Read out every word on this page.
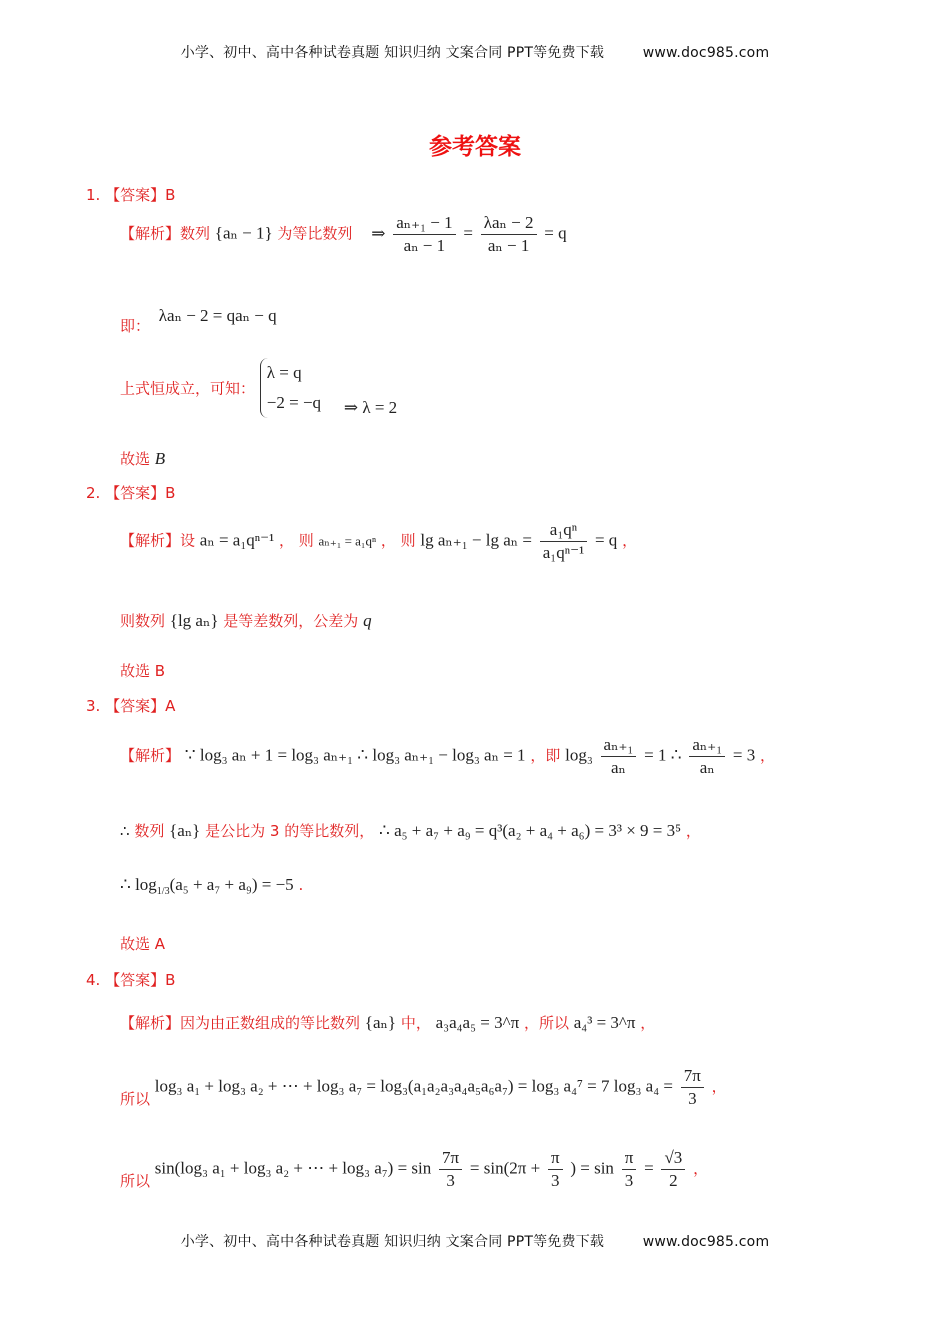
小学、初中、高中各种试卷真题 知识归纳 文案合同 PPT等免费下载	www.doc985.com
参考答案
1. 【答案】B
【解析】数列 {aₙ − 1} 为等比数列 ⇒ $\frac{\text{aₙ₊₁ − 1}}{\text{aₙ − 1}} = \frac{\text{λaₙ − 2}}{\text{aₙ − 1}} = q$
即： λaₙ − 2 = qaₙ − q
上式恒成立，可知：
λ = q
−2 = −q ⇒ λ = 2
故选 B
2. 【答案】B
【解析】设 aₙ = a₁qⁿ⁻¹ ， 则 aₙ₊₁ = a₁qⁿ ， 则 $\lg a_{n+1} - \lg a_n = \frac{\text{a₁qⁿ}}{\text{a₁qⁿ⁻¹}} = q$ ，
则数列 {lg aₙ} 是等差数列，公差为 q
故选 B
3. 【答案】A
【解析】 ∵ log₃ aₙ + 1 = log₃ aₙ₊₁ ∴ log₃ aₙ₊₁ − log₃ aₙ = 1 ，即 $\log_3 \frac{\text{aₙ₊₁}}{\text{aₙ}} = 1$ ∴ $\frac{\text{aₙ₊₁}}{\text{aₙ}} = 3$ ，
∴ 数列 {aₙ} 是公比为 3 的等比数列， ∴ a₅ + a₇ + a₉ = q³(a₂ + a₄ + a₆) = 3³ × 9 = 3⁵ ，
∴ $\log_{1/3}(a_5 + a_7 + a_9) = -5$ .
故选 A
4. 【答案】B
【解析】因为由正数组成的等比数列 {aₙ} 中， a₃a₄a₅ = 3^π ，所以 a₄³ = 3^π ，
所以 log₃ a₁ + log₃ a₂ + ⋯ + log₃ a₇ = log₃(a₁a₂a₃a₄a₅a₆a₇) = log₃ a₄⁷ = 7 log₃ $a_4 = \frac{7\pi}{3}$ ，
所以 sin(log₃ a₁ + log₃ a₂ + ⋯ + log₃ $a_7) = \sin \frac{7\pi}{3} = \sin(2\pi + \frac{\pi}{3}$ ) = $\sin \frac{\pi}{3} = \frac{√3}{2}$ ，
小学、初中、高中各种试卷真题 知识归纳 文案合同 PPT等免费下载	www.doc985.com
